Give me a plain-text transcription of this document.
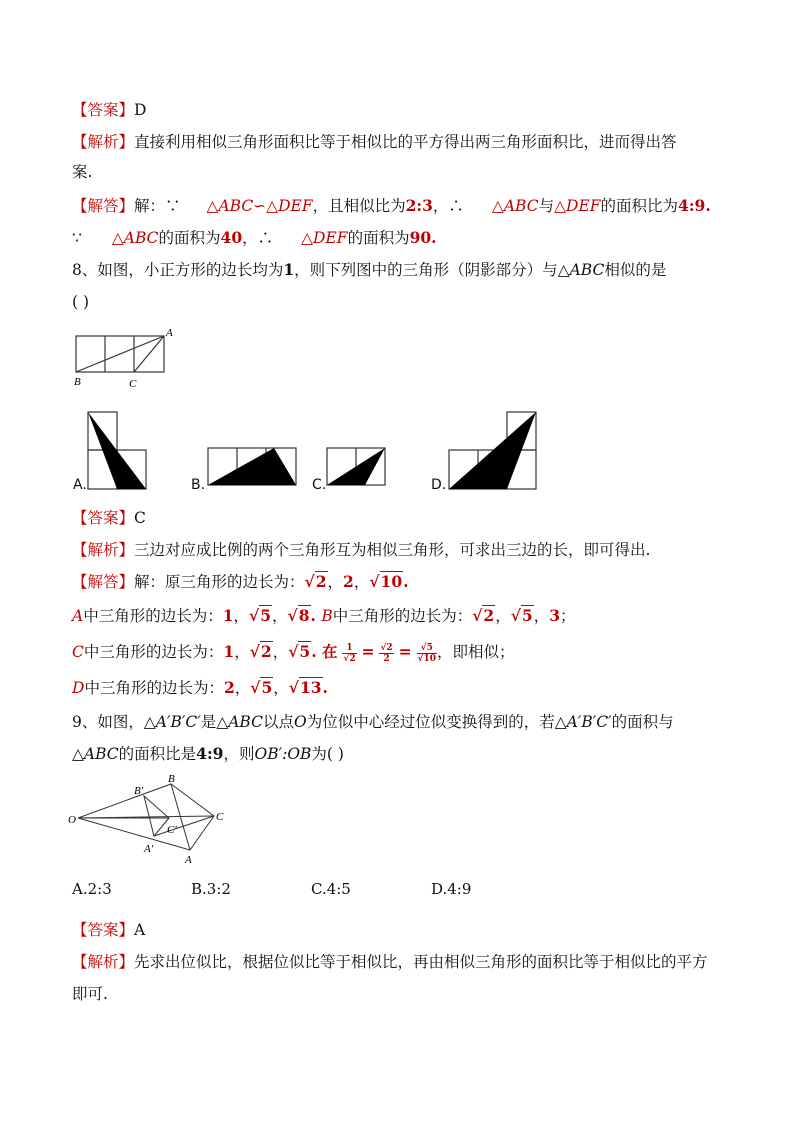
【答案】D
【解析】直接利用相似三角形面积比等于相似比的平方得出两三角形面积比，进而得出答
案.
【解答】解：∵ △ABC∽△DEF，且相似比为2:3，∴ △ABC与△DEF的面积比为4:9.
∵ △ABC的面积为40，∴ △DEF的面积为90.
8、如图，小正方形的边长均为1，则下列图中的三角形（阴影部分）与△ABC相似的是
( )
A
B	C
A.	B.	C.	D.
【答案】C
【解析】三边对应成比例的两个三角形互为相似三角形，可求出三边的长，即可得出.
【解答】解：原三角形的边长为：√2，2，√10.
A中三角形的边长为：1，√5，√8. B中三角形的边长为：√2，√5，3；
C中三角形的边长为：1，√2，√5. 在 $\frac{1}{√2} = \frac{√2}{2} = \frac{√5}{√10}$ ，即相似；
D中三角形的边长为：2，√5，√13.
9、如图，△A′B′C′是△ABC以点O为位似中心经过位似变换得到的，若△A′B′C′的面积与
△ABC的面积比是4:9，则OB′:OB为( )
O
B′
B
C
C′
A′
A
A.2:3	B.3:2	C.4:5	D.4:9
【答案】A
【解析】先求出位似比，根据位似比等于相似比，再由相似三角形的面积比等于相似比的平方
即可.
